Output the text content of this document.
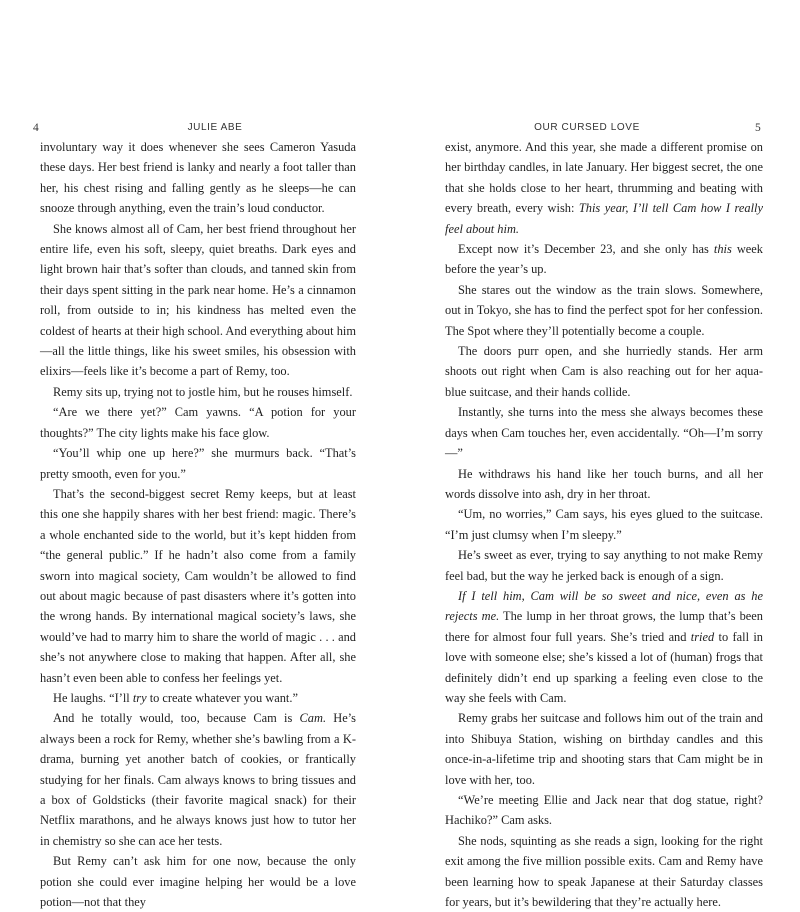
4	JULIE ABE

involuntary way it does whenever she sees Cameron Yasuda these days. Her best friend is lanky and nearly a foot taller than her, his chest rising and falling gently as he sleeps—he can snooze through anything, even the train’s loud conductor.

She knows almost all of Cam, her best friend throughout her entire life, even his soft, sleepy, quiet breaths. Dark eyes and light brown hair that’s softer than clouds, and tanned skin from their days spent sitting in the park near home. He’s a cinnamon roll, from outside to in; his kindness has melted even the coldest of hearts at their high school. And everything about him—all the little things, like his sweet smiles, his obsession with elixirs—feels like it’s become a part of Remy, too.

Remy sits up, trying not to jostle him, but he rouses himself.

“Are we there yet?” Cam yawns. “A potion for your thoughts?” The city lights make his face glow.

“You’ll whip one up here?” she murmurs back. “That’s pretty smooth, even for you.”

That’s the second-biggest secret Remy keeps, but at least this one she happily shares with her best friend: magic. There’s a whole enchanted side to the world, but it’s kept hidden from “the general public.” If he hadn’t also come from a family sworn into magical society, Cam wouldn’t be allowed to find out about magic because of past disasters where it’s gotten into the wrong hands. By international magical society’s laws, she would’ve had to marry him to share the world of magic . . . and she’s not anywhere close to making that happen. After all, she hasn’t even been able to confess her feelings yet.

He laughs. “I’ll try to create whatever you want.”

And he totally would, too, because Cam is Cam. He’s always been a rock for Remy, whether she’s bawling from a K-drama, burning yet another batch of cookies, or frantically studying for her finals. Cam always knows to bring tissues and a box of Goldsticks (their favorite magical snack) for their Netflix marathons, and he always knows just how to tutor her in chemistry so she can ace her tests.

But Remy can’t ask him for one now, because the only potion she could ever imagine helping her would be a love potion—not that they

OUR CURSED LOVE	5

exist, anymore. And this year, she made a different promise on her birthday candles, in late January. Her biggest secret, the one that she holds close to her heart, thrumming and beating with every breath, every wish: This year, I’ll tell Cam how I really feel about him.

Except now it’s December 23, and she only has this week before the year’s up.

She stares out the window as the train slows. Somewhere, out in Tokyo, she has to find the perfect spot for her confession. The Spot where they’ll potentially become a couple.

The doors purr open, and she hurriedly stands. Her arm shoots out right when Cam is also reaching out for her aqua-blue suitcase, and their hands collide.

Instantly, she turns into the mess she always becomes these days when Cam touches her, even accidentally. “Oh—I’m sorry—”

He withdraws his hand like her touch burns, and all her words dissolve into ash, dry in her throat.

“Um, no worries,” Cam says, his eyes glued to the suitcase. “I’m just clumsy when I’m sleepy.”

He’s sweet as ever, trying to say anything to not make Remy feel bad, but the way he jerked back is enough of a sign.

If I tell him, Cam will be so sweet and nice, even as he rejects me. The lump in her throat grows, the lump that’s been there for almost four full years. She’s tried and tried to fall in love with someone else; she’s kissed a lot of (human) frogs that definitely didn’t end up sparking a feeling even close to the way she feels with Cam.

Remy grabs her suitcase and follows him out of the train and into Shibuya Station, wishing on birthday candles and this once-in-a-lifetime trip and shooting stars that Cam might be in love with her, too.

“We’re meeting Ellie and Jack near that dog statue, right? Hachiko?” Cam asks.

She nods, squinting as she reads a sign, looking for the right exit among the five million possible exits. Cam and Remy have been learning how to speak Japanese at their Saturday classes for years, but it’s bewildering that they’re actually here.
